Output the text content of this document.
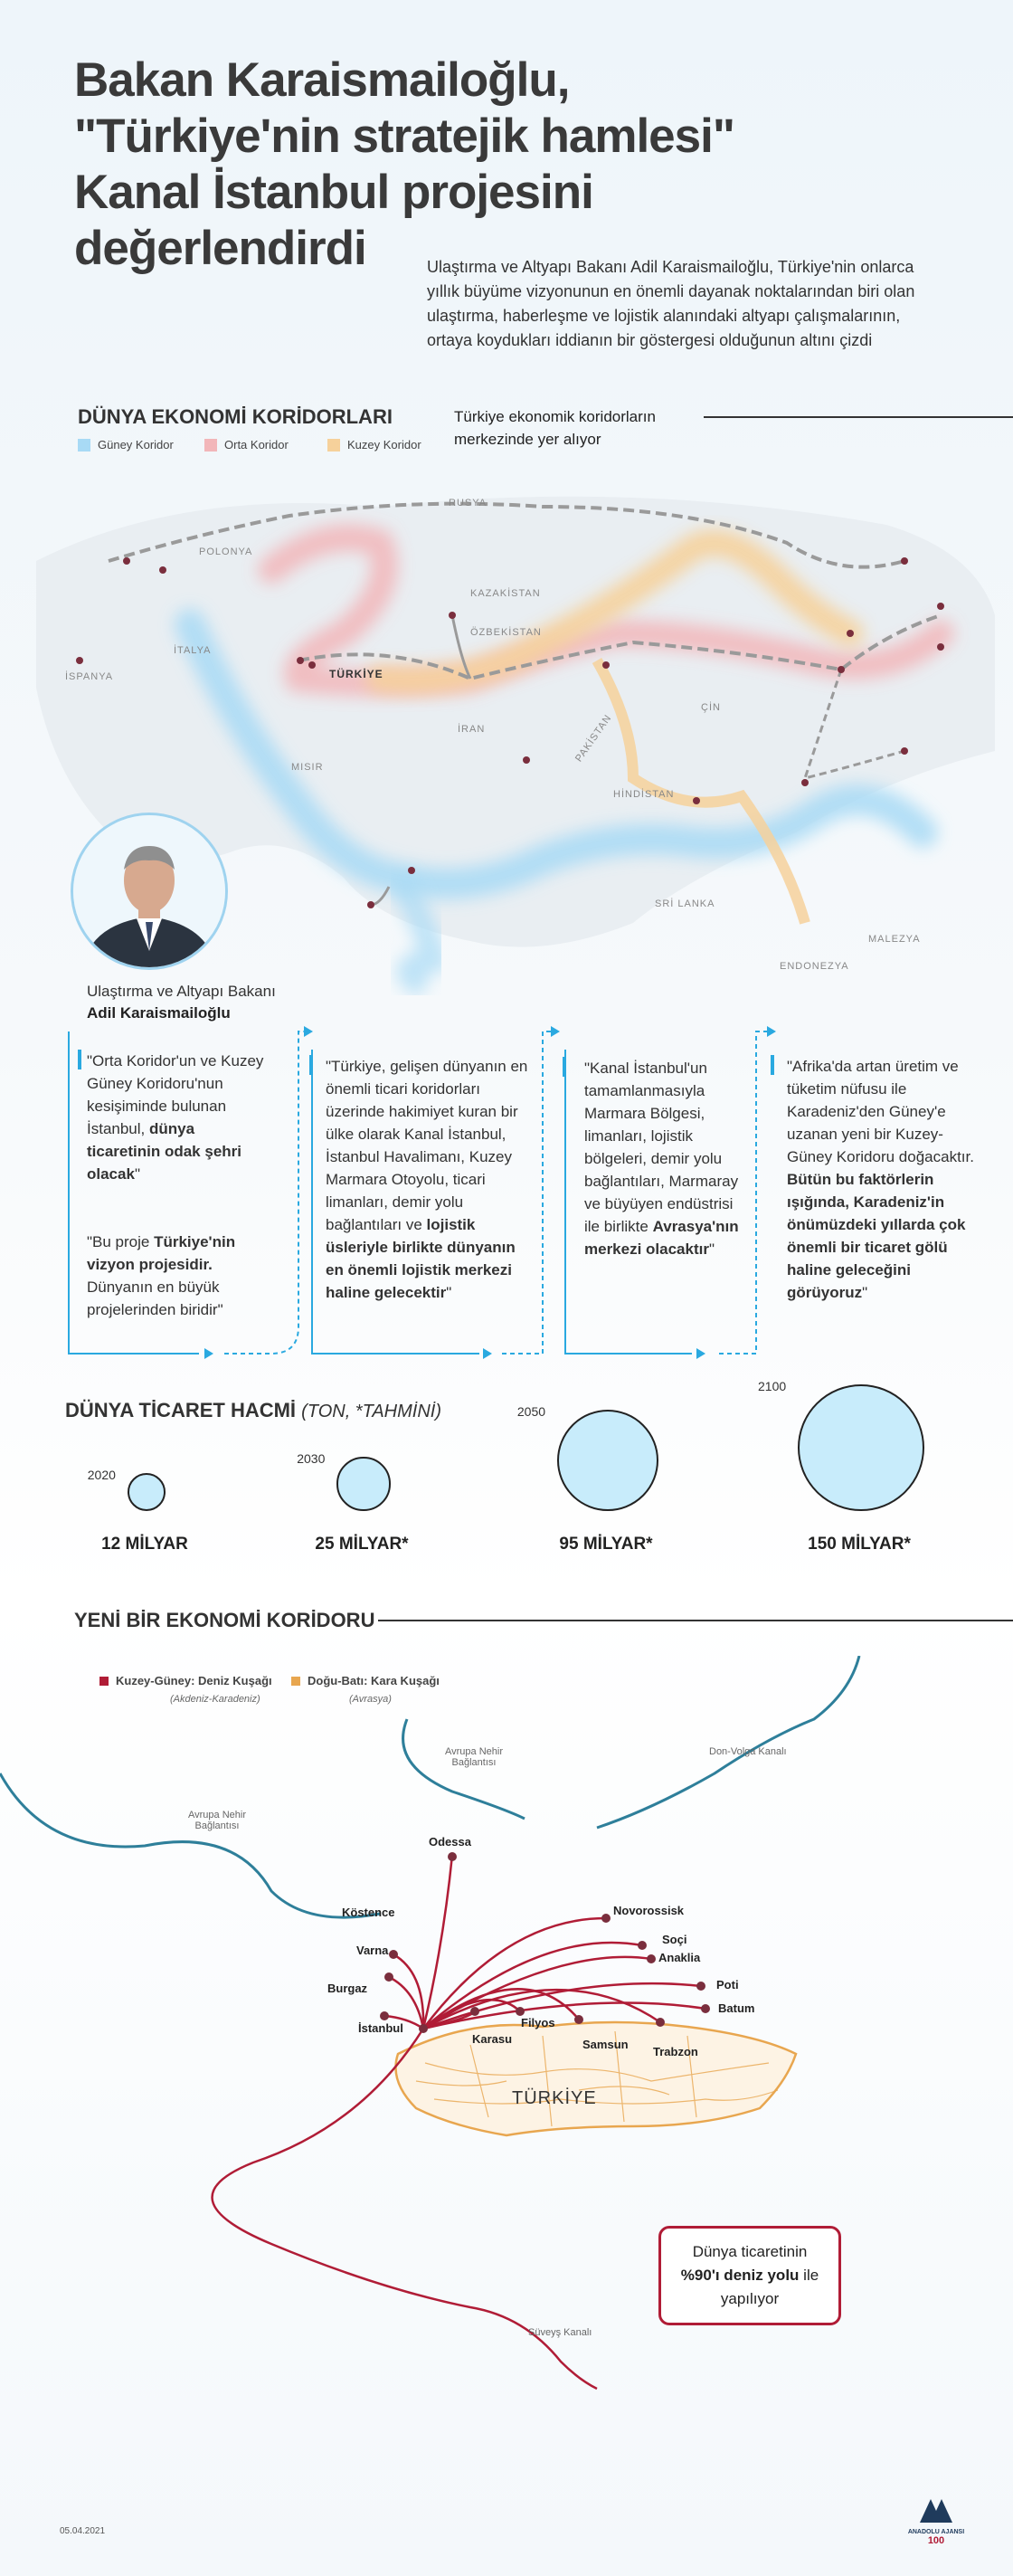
Bakan Karaismailoğlu,
"Türkiye'nin stratejik hamlesi"
Kanal İstanbul projesini
değerlendirdi	Ulaştırma ve Altyapı Bakanı Adil Karaismailoğlu, Türkiye'nin onlarca yıllık büyüme vizyonunun en önemli dayanak noktalarından biri olan ulaştırma, haberleşme ve lojistik alanındaki altyapı çalışmalarının, ortaya koydukları iddianın bir göstergesi olduğunun altını çizdi
DÜNYA EKONOMİ KORİDORLARI	Türkiye ekonomik koridorların merkezinde yer alıyor
Güney Koridor	Orta Koridor	Kuzey Koridor
RUSYA
POLONYA
KAZAKİSTAN
ÖZBEKİSTAN
İTALYA
İSPANYA	TÜRKİYE
İRAN
MISIR
PAKİSTAN
ÇİN
HİNDİSTAN
SRİ LANKA
MALEZYA
ENDONEZYA
Ulaştırma ve Altyapı Bakanı
Adil Karaismailoğlu
"Orta Koridor'un ve Kuzey Güney Koridoru'nun kesişiminde bulunan İstanbul, dünya ticaretinin odak şehri olacak"
"Bu proje Türkiye'nin vizyon projesidir. Dünyanın en büyük projelerinden biridir"
"Türkiye, gelişen dünyanın en önemli ticari koridorları üzerinde hakimiyet kuran bir ülke olarak Kanal İstanbul, İstanbul Havalimanı, Kuzey Marmara Otoyolu, ticari limanları, demir yolu bağlantıları ve lojistik üsleriyle birlikte dünyanın en önemli lojistik merkezi haline gelecektir"
"Kanal İstanbul'un tamamlanmasıyla Marmara Bölgesi, limanları, lojistik bölgeleri, demir yolu bağlantıları, Marmaray ve büyüyen endüstrisi ile birlikte Avrasya'nın merkezi olacaktır"
"Afrika'da artan üretim ve tüketim nüfusu ile Karadeniz'den Güney'e uzanan yeni bir Kuzey-Güney Koridoru doğacaktır. Bütün bu faktörlerin ışığında, Karadeniz'in önümüzdeki yıllarda çok önemli bir ticaret gölü haline geleceğini görüyoruz"
DÜNYA TİCARET HACMİ (TON, *TAHMİNİ)
2020
12 MİLYAR
2030
25 MİLYAR*
2050
95 MİLYAR*
2100
150 MİLYAR*
YENİ BİR EKONOMİ KORİDORU
Kuzey-Güney: Deniz Kuşağı
(Akdeniz-Karadeniz)
Doğu-Batı: Kara Kuşağı
(Avrasya)
Avrupa Nehir Bağlantısı
Avrupa Nehir Bağlantısı
Don-Volga Kanalı
Süveyş Kanalı
Odessa
Köstence
Varna
Burgaz
İstanbul
Karasu
Filyos
Samsun
Trabzon
Novorossisk
Soçi
Anaklia
Poti
Batum
TÜRKİYE
Dünya ticaretinin
%90'ı deniz yolu ile yapılıyor
05.04.2021	ANADOLU AJANSI
100
